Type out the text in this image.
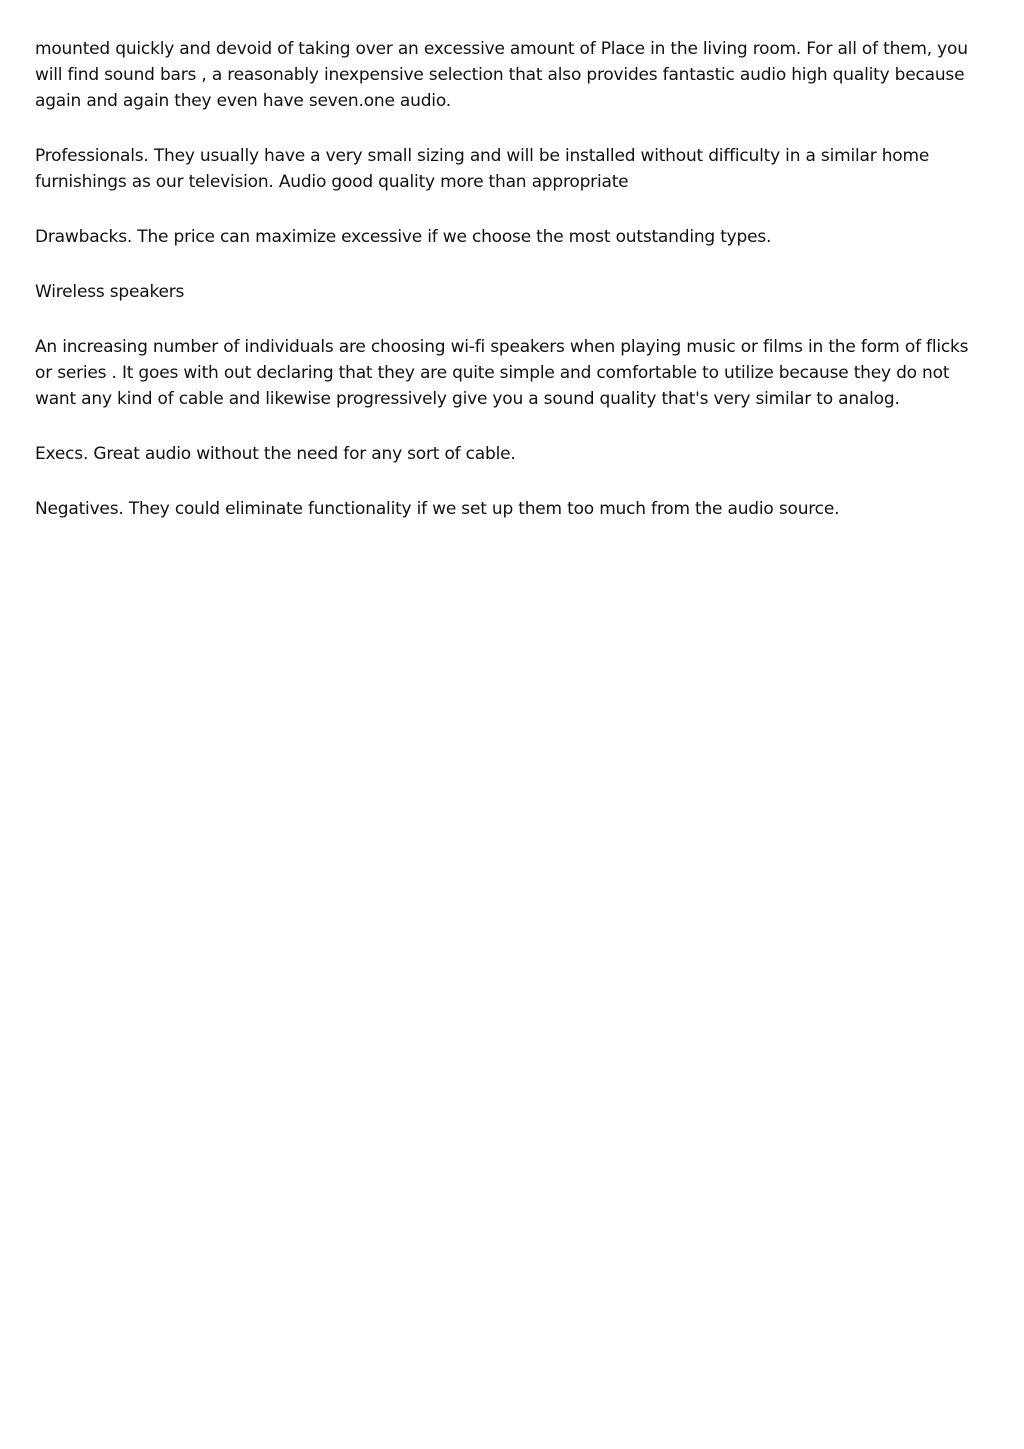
mounted quickly and devoid of taking over an excessive amount of Place in the living room. For all of them, you will find sound bars , a reasonably inexpensive selection that also provides fantastic audio high quality because again and again they even have seven.one audio.

Professionals. They usually have a very small sizing and will be installed without difficulty in a similar home furnishings as our television. Audio good quality more than appropriate

Drawbacks. The price can maximize excessive if we choose the most outstanding types.

Wireless speakers

An increasing number of individuals are choosing wi-fi speakers when playing music or films in the form of flicks or series . It goes with out declaring that they are quite simple and comfortable to utilize because they do not want any kind of cable and likewise progressively give you a sound quality that's very similar to analog.

Execs. Great audio without the need for any sort of cable.

Negatives. They could eliminate functionality if we set up them too much from the audio source.
